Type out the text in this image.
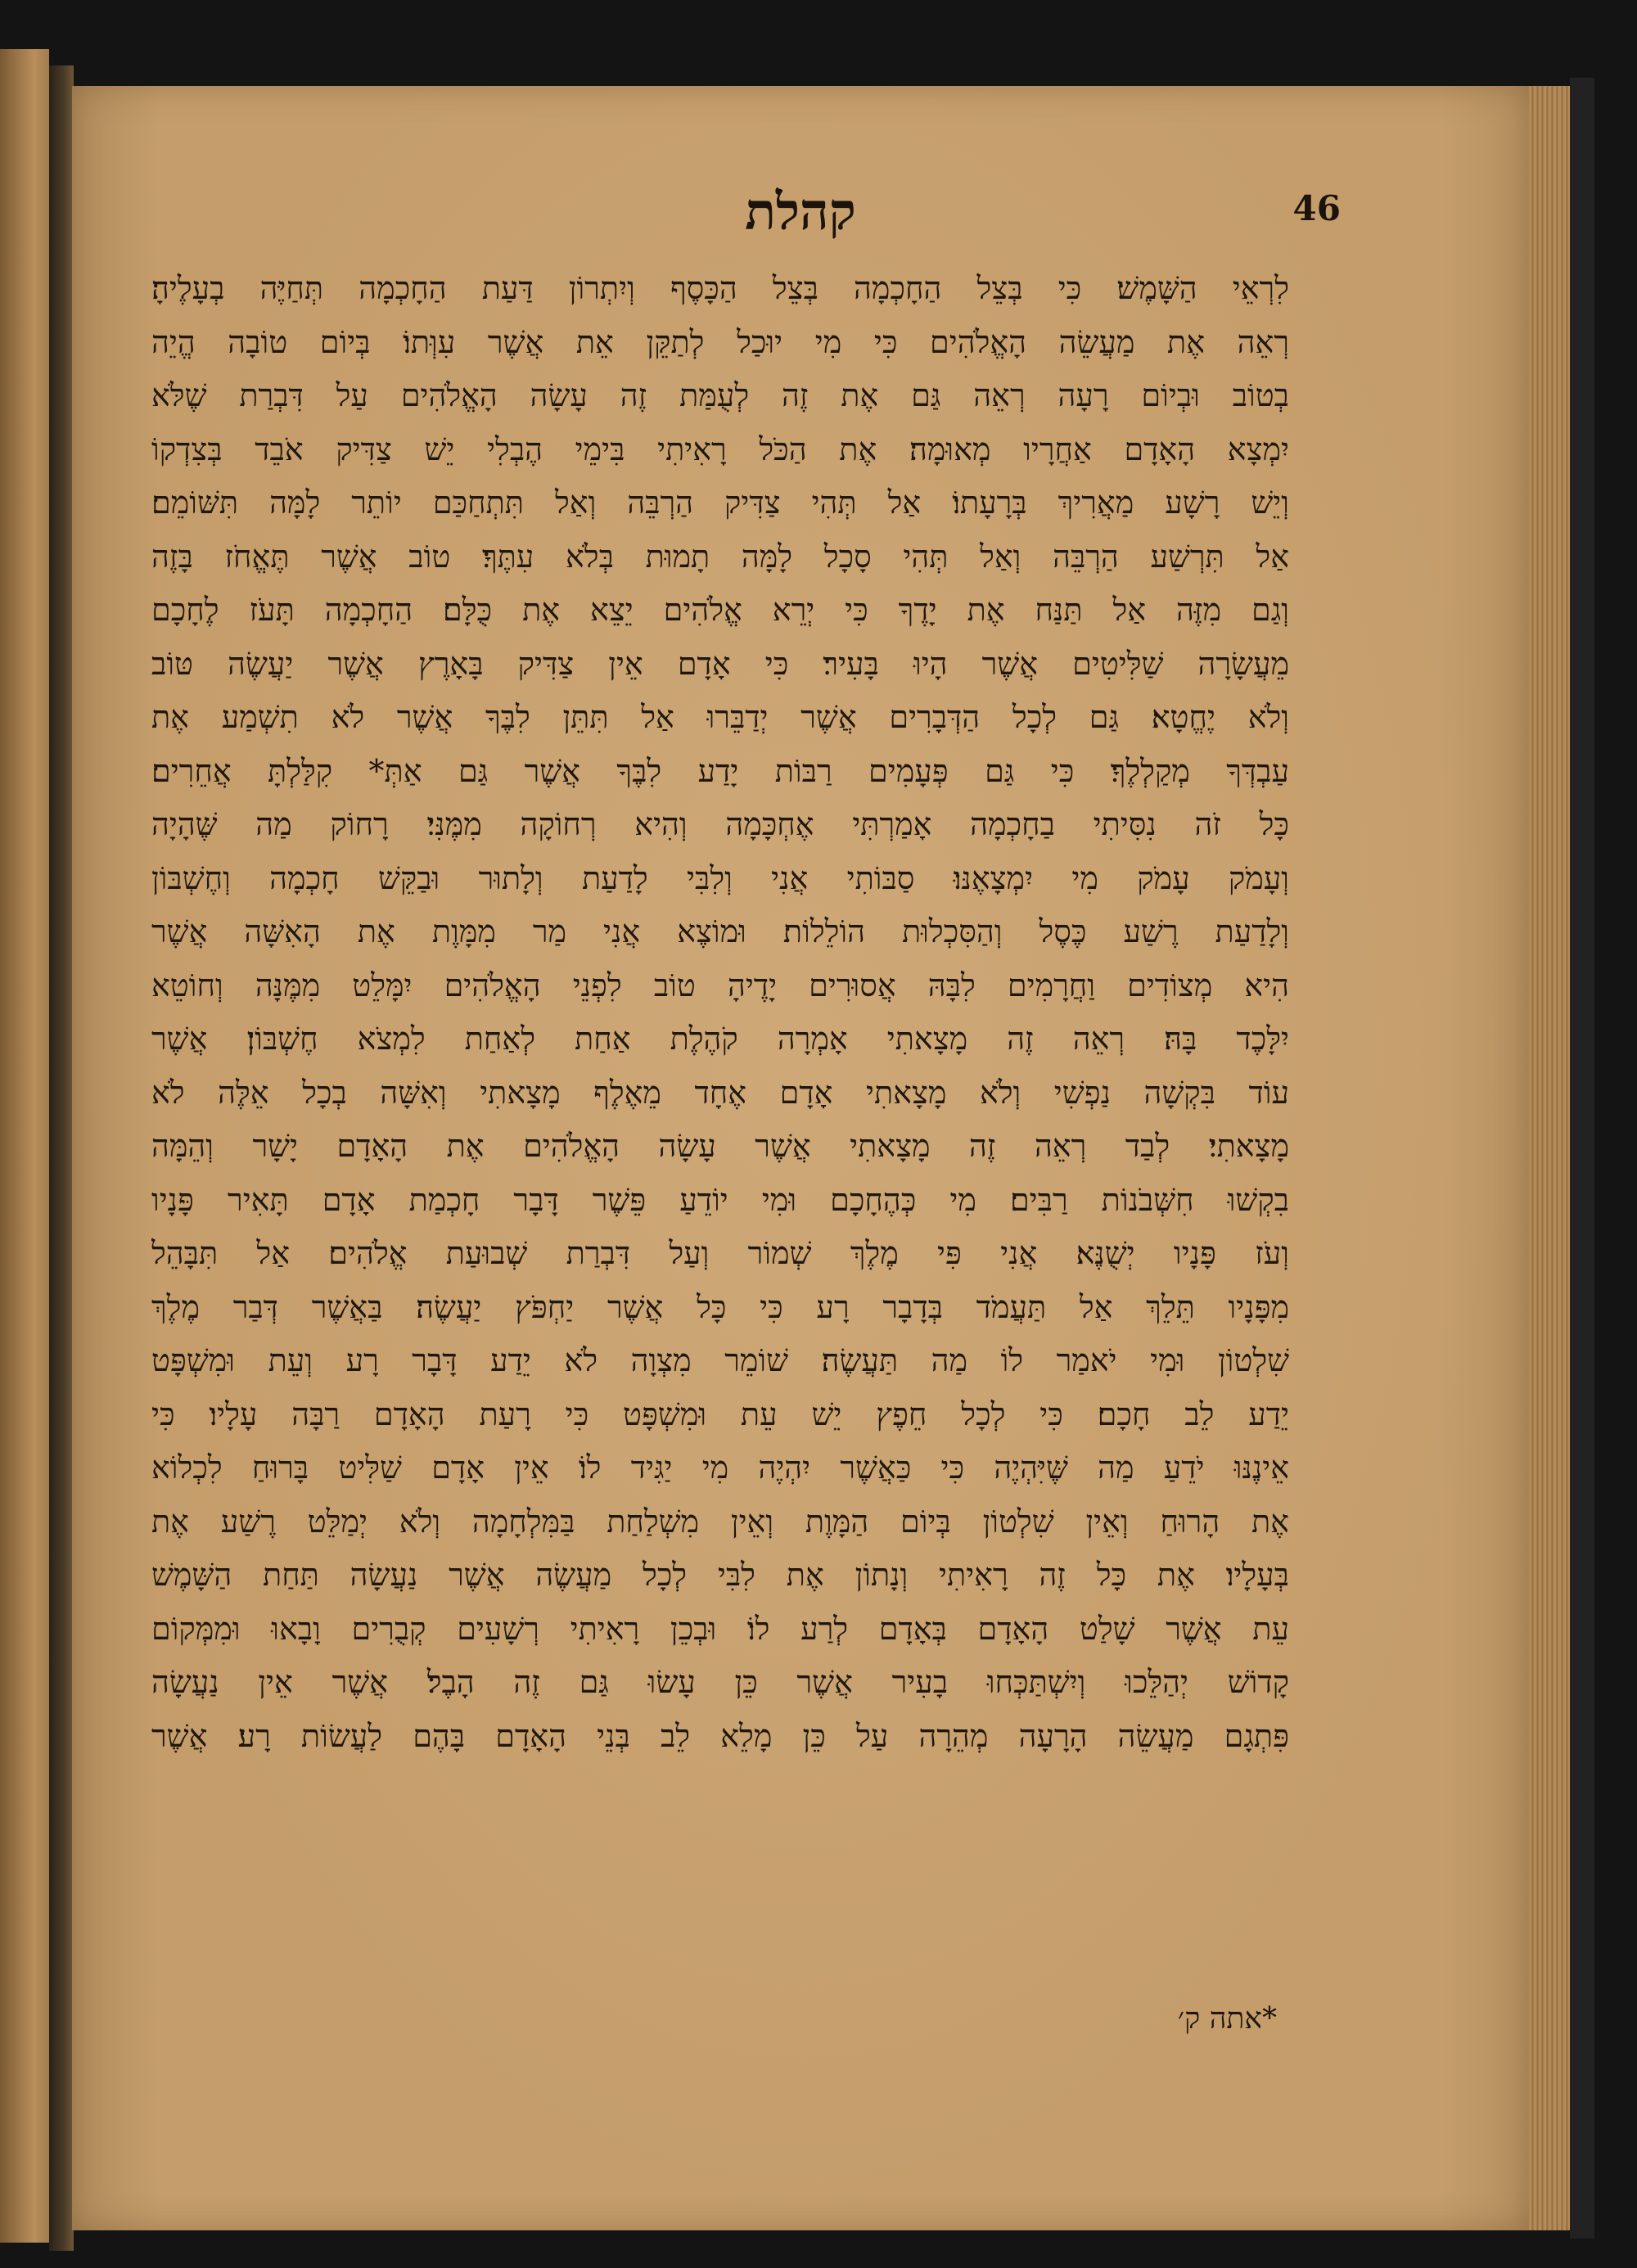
קהלת	46
לִרְאֵי הַשָּׁמֶשׁ׃ כִּי בְּצֵל הַחָכְמָה בְּצֵל הַכָּסֶף וְיִתְרוֹן דַּעַת הַחָכְמָה תְּחַיֶּה בְעָלֶיהָ׃
רְאֵה אֶת מַעֲשֵׂה הָאֱלֹהִים כִּי מִי יוּכַל לְתַקֵּן אֵת אֲשֶׁר עִוְּתוֹ׃ בְּיוֹם טוֹבָה הֱיֵה
בְטוֹב וּבְיוֹם רָעָה רְאֵה גַּם אֶת זֶה לְעֻמַּת זֶה עָשָׂה הָאֱלֹהִים עַל דִּבְרַת שֶׁלֹּא
יִמְצָא הָאָדָם אַחֲרָיו מְאוּמָה׃ אֶת הַכֹּל רָאִיתִי בִּימֵי הֶבְלִי יֵשׁ צַדִּיק אֹבֵד בְּצִדְקוֹ
וְיֵשׁ רָשָׁע מַאֲרִיךְ בְּרָעָתוֹ׃ אַל תְּהִי צַדִּיק הַרְבֵּה וְאַל תִּתְחַכַּם יוֹתֵר לָמָּה תִּשּׁוֹמֵם׃
אַל תִּרְשַׁע הַרְבֵּה וְאַל תְּהִי סָכָל לָמָּה תָמוּת בְּלֹא עִתֶּךָ׃ טוֹב אֲשֶׁר תֶּאֱחֹז בָּזֶה
וְגַם מִזֶּה אַל תַּנַּח אֶת יָדֶךָ כִּי יְרֵא אֱלֹהִים יֵצֵא אֶת כֻּלָּם׃ הַחָכְמָה תָּעֹז לֶחָכָם
מֵעֲשָׂרָה שַׁלִּיטִים אֲשֶׁר הָיוּ בָּעִיר׃ כִּי אָדָם אֵין צַדִּיק בָּאָרֶץ אֲשֶׁר יַעֲשֶׂה טּוֹב
וְלֹא יֶחֱטָא׃ גַּם לְכָל הַדְּבָרִים אֲשֶׁר יְדַבֵּרוּ אַל תִּתֵּן לִבֶּךָ אֲשֶׁר לֹא תִשְׁמַע אֶת
עַבְדְּךָ מְקַלְלֶךָ׃ כִּי גַּם פְּעָמִים רַבּוֹת יָדַע לִבֶּךָ אֲשֶׁר גַּם אַתְּ* קִלַּלְתָּ אֲחֵרִים׃
כָּל זֹה נִסִּיתִי בַחָכְמָה אָמַרְתִּי אֶחְכָּמָה וְהִיא רְחוֹקָה מִמֶּנִּי׃ רָחוֹק מַה שֶּׁהָיָה
וְעָמֹק עָמֹק מִי יִמְצָאֶנּוּ׃ סַבּוֹתִי אֲנִי וְלִבִּי לָדַעַת וְלָתוּר וּבַקֵּשׁ חָכְמָה וְחֶשְׁבּוֹן
וְלָדַעַת רֶשַׁע כֶּסֶל וְהַסִּכְלוּת הוֹלֵלוֹת׃ וּמוֹצֶא אֲנִי מַר מִמָּוֶת אֶת הָאִשָּׁה אֲשֶׁר
הִיא מְצוֹדִים וַחֲרָמִים לִבָּהּ אֲסוּרִים יָדֶיהָ טוֹב לִפְנֵי הָאֱלֹהִים יִמָּלֵט מִמֶּנָּה וְחוֹטֵא
יִלָּכֶד בָּהּ׃ רְאֵה זֶה מָצָאתִי אָמְרָה קֹהֶלֶת אַחַת לְאַחַת לִמְצֹא חֶשְׁבּוֹן׃ אֲשֶׁר
עוֹד בִּקְשָׁה נַפְשִׁי וְלֹא מָצָאתִי אָדָם אֶחָד מֵאֶלֶף מָצָאתִי וְאִשָּׁה בְכָל אֵלֶּה לֹא
מָצָאתִי׃ לְבַד רְאֵה זֶה מָצָאתִי אֲשֶׁר עָשָׂה הָאֱלֹהִים אֶת הָאָדָם יָשָׁר וְהֵמָּה
בִקְשׁוּ חִשְּׁבֹנוֹת רַבִּים׃ מִי כְּהֶחָכָם וּמִי יוֹדֵעַ פֵּשֶׁר דָּבָר חָכְמַת אָדָם תָּאִיר פָּנָיו
וְעֹז פָּנָיו יְשֻׁנֶּא׃ אֲנִי פִּי מֶלֶךְ שְׁמוֹר וְעַל דִּבְרַת שְׁבוּעַת אֱלֹהִים׃ אַל תִּבָּהֵל
מִפָּנָיו תֵּלֵךְ אַל תַּעֲמֹד בְּדָבָר רָע כִּי כָּל אֲשֶׁר יַחְפֹּץ יַעֲשֶׂה׃ בַּאֲשֶׁר דְּבַר מֶלֶךְ
שִׁלְטוֹן וּמִי יֹאמַר לוֹ מַה תַּעֲשֶׂה׃ שׁוֹמֵר מִצְוָה לֹא יֵדַע דָּבָר רָע וְעֵת וּמִשְׁפָּט
יֵדַע לֵב חָכָם׃ כִּי לְכָל חֵפֶץ יֵשׁ עֵת וּמִשְׁפָּט כִּי רָעַת הָאָדָם רַבָּה עָלָיו׃ כִּי
אֵינֶנּוּ יֹדֵעַ מַה שֶּׁיִּהְיֶה כִּי כַּאֲשֶׁר יִהְיֶה מִי יַגִּיד לוֹ׃ אֵין אָדָם שַׁלִּיט בָּרוּחַ לִכְלוֹא
אֶת הָרוּחַ וְאֵין שִׁלְטוֹן בְּיוֹם הַמָּוֶת וְאֵין מִשְׁלַחַת בַּמִּלְחָמָה וְלֹא יְמַלֵּט רֶשַׁע אֶת
בְּעָלָיו׃ אֶת כָּל זֶה רָאִיתִי וְנָתוֹן אֶת לִבִּי לְכָל מַעֲשֶׂה אֲשֶׁר נַעֲשָׂה תַּחַת הַשָּׁמֶשׁ
עֵת אֲשֶׁר שָׁלַט הָאָדָם בְּאָדָם לְרַע לוֹ׃ וּבְכֵן רָאִיתִי רְשָׁעִים קְבֻרִים וָבָאוּ וּמִמְּקוֹם
קָדוֹשׁ יְהַלֵּכוּ וְיִשְׁתַּכְּחוּ בָעִיר אֲשֶׁר כֵּן עָשׂוּ גַּם זֶה הָבֶל׃ אֲשֶׁר אֵין נַעֲשָׂה
פִּתְגָם מַעֲשֵׂה הָרָעָה מְהֵרָה עַל כֵּן מָלֵא לֵב בְּנֵי הָאָדָם בָּהֶם לַעֲשׂוֹת רָע׃ אֲשֶׁר
*אתה ק׳
